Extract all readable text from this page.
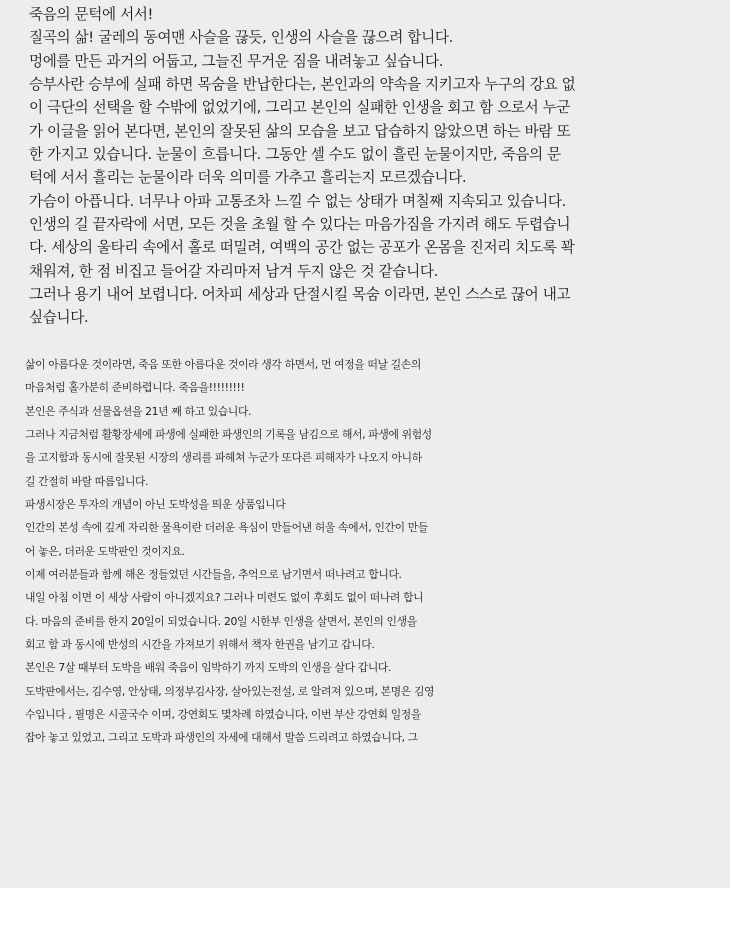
죽음의 문턱에 서서!
질곡의 삶! 굴레의 동여맨 사슬을 끊듯, 인생의 사슬을 끊으려 합니다.
멍에를 만든 과거의 어둡고, 그늘진 무거운 짐을 내려놓고 싶습니다.
승부사란 승부에 실패 하면 목숨을 반납한다는, 본인과의 약속을 지키고자 누구의 강요 없
이 극단의 선택을 할 수밖에 없었기에, 그리고 본인의 실패한 인생을 회고 함 으로서 누군
가 이글을 읽어 본다면, 본인의 잘못된 삶의 모습을 보고 답습하지 않았으면 하는 바람 또
한 가지고 있습니다. 눈물이 흐릅니다. 그동안 셀 수도 없이 흘린 눈물이지만, 죽음의 문
턱에 서서 흘리는 눈물이라 더욱 의미를 가추고 흘리는지 모르겠습니다.
가슴이 아픕니다. 너무나 아파 고통조차 느낄 수 없는 상태가 며칠째 지속되고 있습니다.
인생의 길 끝자락에 서면, 모든 것을 초월 할 수 있다는 마음가짐을 가지려 해도 두렵습니
다. 세상의 울타리 속에서 홀로 떠밀려, 여백의 공간 없는 공포가 온몸을 진저리 치도록 꽉
채워져, 한 점 비집고 들어갈 자리마저 남겨 두지 않은 것 같습니다.
그러나 용기 내어 보렵니다. 어차피 세상과 단절시킬 목숨 이라면, 본인 스스로 끊어 내고
싶습니다.
삶이 아름다운 것이라면, 죽음 또한 아름다운 것이라 생각 하면서, 먼 여정을 떠날 길손의
마음처럼 홀가분히 준비하렵니다. 죽음을!!!!!!!!!
본인은 주식과 선물옵션을 21년 째 하고 있습니다.
그러나 지금처럼 활황장세에 파생에 실패한 파생인의 기록을 남김으로 해서, 파생에 위험성
을 고지함과 동시에 잘못된 시장의 생리를 파헤쳐 누군가 또다른 피해자가 나오지 아니하
길 간절히 바랄 따름입니다.
파생시장은 투자의 개념이 아닌 도박성을 띄운 상품입니다
인간의 본성 속에 깊게 자리한 물욕이란 더러운 욕심이 만들어낸 허울 속에서, 인간이 만들
어 놓은, 더러운 도박판인 것이지요.
이제 여러분들과 함께 해온 정들었던 시간들을, 추억으로 남기면서 떠나려고 합니다.
내일 아침 이면 이 세상 사람이 아니겠지요? 그러나 미련도 없이 후회도 없이 떠나려 합니
다. 마음의 준비를 한지 20일이 되었습니다. 20일 시한부 인생을 살면서, 본인의 인생을
회고 함 과 동시에 반성의 시간을 가져보기 위해서 책자 한권을 남기고 갑니다.
본인은 7살 때부터 도박을 배워 죽음이 임박하기 까지 도박의 인생을 살다 갑니다.
도박판에서는, 김수영, 안상태, 의정부김사장, 살아있는전설, 로 알려져 있으며, 본명은 김영
수입니다 , 필명은 시골국수 이며, 강연회도 몇차례 하였습니다, 이번 부산 강연회 일정을
잡아 놓고 있었고, 그리고 도박과 파생인의 자세에 대해서 말씀 드리려고 하였습니다, 그
